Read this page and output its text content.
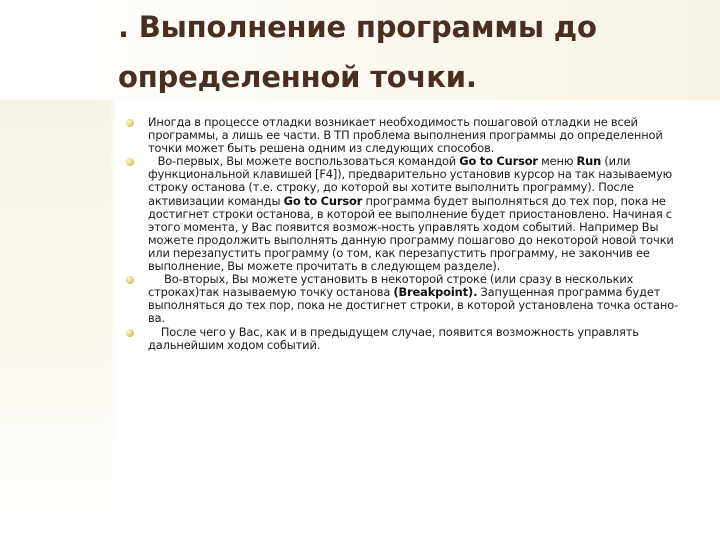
. Выполнение программы до определенной точки.
Иногда в процессе отладки возникает необходимость пошаговой отладки не всей программы, а лишь ее части. В ТП проблема выполнения программы до определенной точки может быть решена одним из следующих способов.
Во-первых, Вы можете воспользоваться командой Go to Cursor меню Run (или функциональной клавишей [F4]), предварительно установив курсор на так называемую строку останова (т.е. строку, до которой вы хотите выполнить программу). После активизации команды Go to Cursor программа будет выполняться до тех пор, пока не достигнет строки останова, в которой ее выполнение будет приостановлено. Начиная с этого момента, у Вас появится возмож-ность управлять ходом событий. Например Вы можете продолжить выполнять данную программу пошагово до некоторой новой точки или перезапустить программу (о том, как перезапустить программу, не закончив ее выполнение, Вы можете прочитать в следующем разделе).
Во-вторых, Вы можете установить в некоторой строке (или сразу в нескольких строках)так называемую точку останова (Breakpoint). Запущенная программа будет выполняться до тех пор, пока не достигнет строки, в которой установлена точка остано-ва.
После чего у Вас, как и в предыдущем случае, появится возможность управлять дальнейшим ходом событий.
